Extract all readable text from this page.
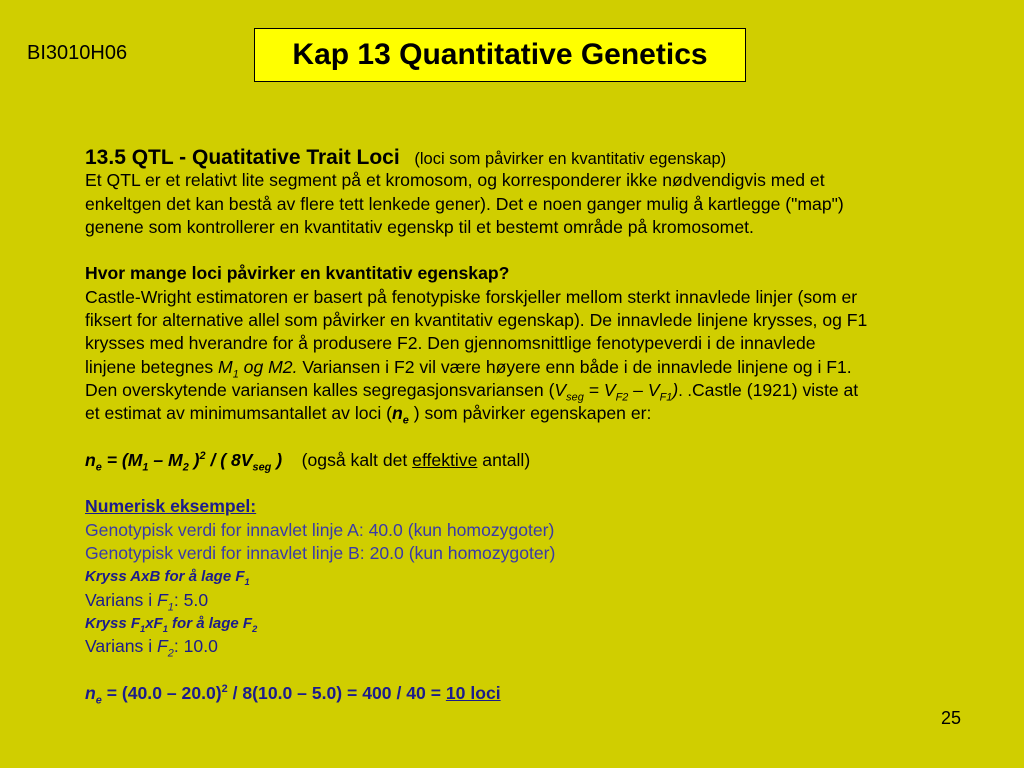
BI3010H06	Kap 13 Quantitative Genetics
13.5 QTL - Quatitative Trait Loci (loci som påvirker en kvantitativ egenskap)
Et QTL er et relativt lite segment på et kromosom, og korresponderer ikke nødvendigvis med et
enkeltgen det kan bestå av flere tett lenkede gener). Det e noen ganger mulig å kartlegge ("map")
genene som kontrollerer en kvantitativ egenskp til et bestemt område på kromosomet.
Hvor mange loci påvirker en kvantitativ egenskap?
Castle-Wright estimatoren er basert på fenotypiske forskjeller mellom sterkt innavlede linjer (som er
fiksert for alternative allel som påvirker en kvantitativ egenskap). De innavlede linjene krysses, og F1
krysses med hverandre for å produsere F2. Den gjennomsnittlige fenotypeverdi i de innavlede
linjene betegnes $M_1$ og M2. Variansen i F2 vil være høyere enn både i de innavlede linjene og i F1.
Den overskytende variansen kalles segregasjonsvariansen $(V_{seg} = V_{F2} - V_{F1})$. .Castle (1921) viste at
et estimat av minimumsantallet av loci ($n_e$ ) som påvirker egenskapen er:
$n_e = (M_1 - M_2$ )$^2$ / ( $8V_{seg}$ ) (også kalt det effektive antall)
Numerisk eksempel:
Genotypisk verdi for innavlet linje A: 40.0 (kun homozygoter)
Genotypisk verdi for innavlet linje B: 20.0 (kun homozygoter)
Kryss AxB for å lage $F_1$
Varians i $F_1$: 5.0
Kryss $F_1xF_1$ for å lage $F_2$
Varians i $F_2$: 10.0
$n_e = (40.0 - 20.0)^2 / 8(10.0 - 5.0) = 400 / 40 = 10$ loci
25
